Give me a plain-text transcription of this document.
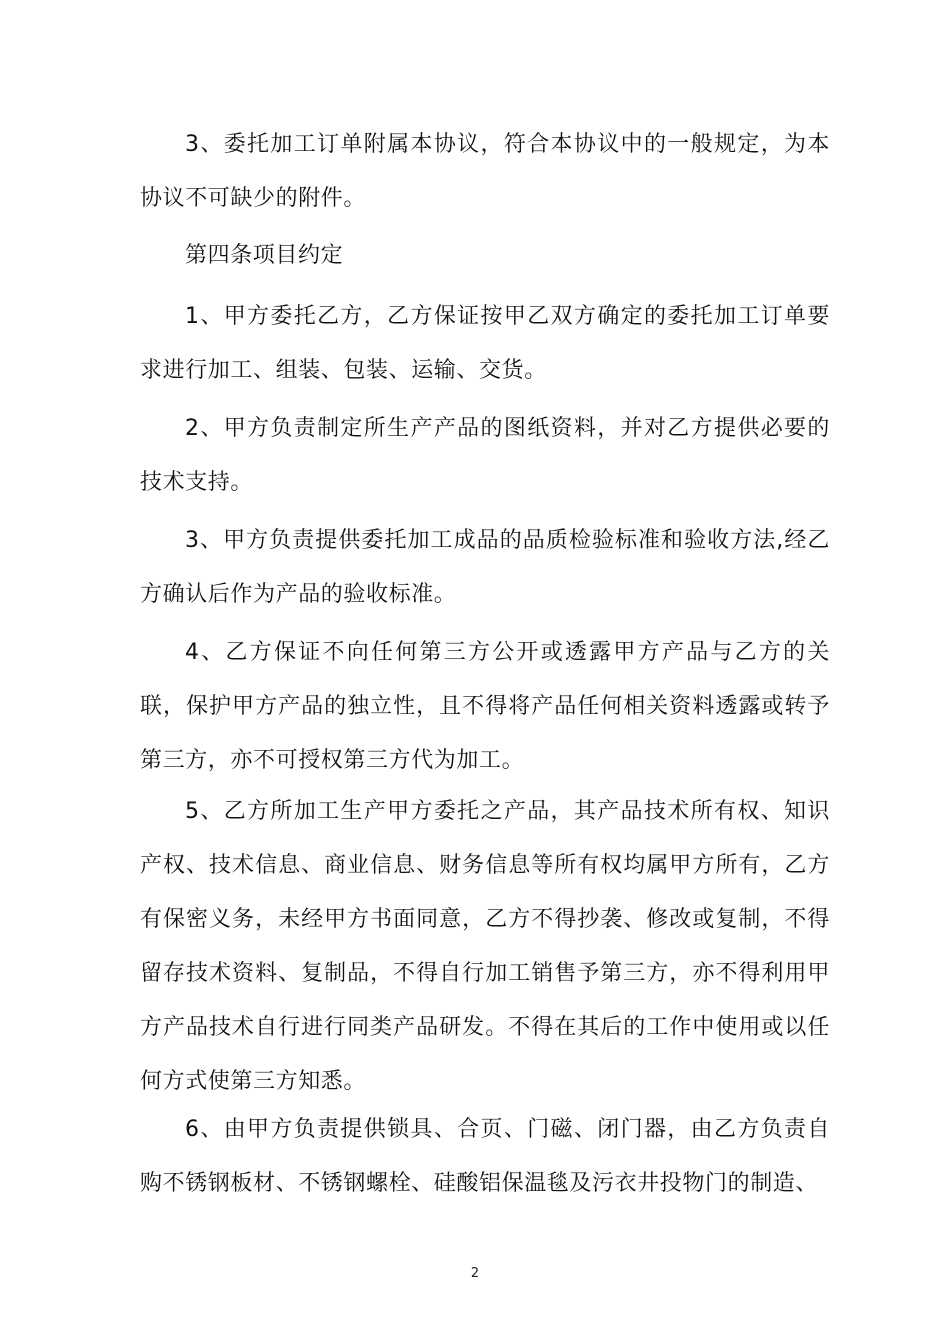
3、委托加工订单附属本协议，符合本协议中的一般规定，为本协议不可缺少的附件。

第四条项目约定

1、甲方委托乙方，乙方保证按甲乙双方确定的委托加工订单要求进行加工、组装、包装、运输、交货。

2、甲方负责制定所生产产品的图纸资料，并对乙方提供必要的技术支持。

3、甲方负责提供委托加工成品的品质检验标准和验收方法,经乙方确认后作为产品的验收标准。

4、乙方保证不向任何第三方公开或透露甲方产品与乙方的关联，保护甲方产品的独立性，且不得将产品任何相关资料透露或转予第三方，亦不可授权第三方代为加工。

5、乙方所加工生产甲方委托之产品，其产品技术所有权、知识产权、技术信息、商业信息、财务信息等所有权均属甲方所有，乙方有保密义务，未经甲方书面同意，乙方不得抄袭、修改或复制，不得留存技术资料、复制品，不得自行加工销售予第三方，亦不得利用甲方产品技术自行进行同类产品研发。不得在其后的工作中使用或以任何方式使第三方知悉。

6、由甲方负责提供锁具、合页、门磁、闭门器，由乙方负责自购不锈钢板材、不锈钢螺栓、硅酸铝保温毯及污衣井投物门的制造、

2
